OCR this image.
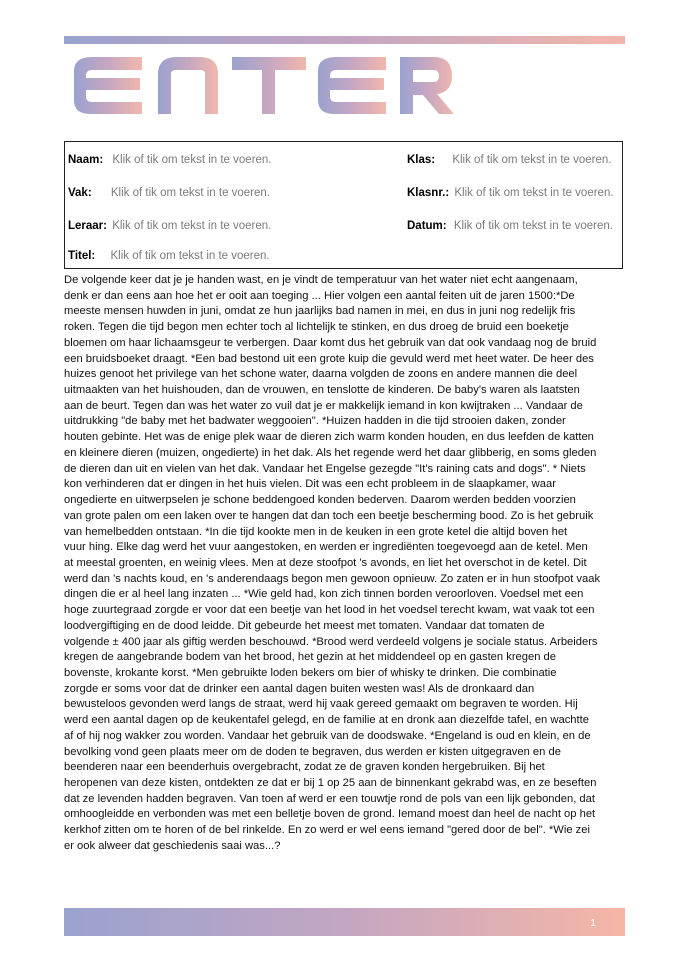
Naam: Klik of tik om tekst in te voeren.	Klas: Klik of tik om tekst in te voeren.
Vak: Klik of tik om tekst in te voeren.	Klasnr.: Klik of tik om tekst in te voeren.
Leraar: Klik of tik om tekst in te voeren.	Datum: Klik of tik om tekst in te voeren.
Titel: Klik of tik om tekst in te voeren.

De volgende keer dat je je handen wast, en je vindt de temperatuur van het water niet echt aangenaam,
denk er dan eens aan hoe het er ooit aan toeging ... Hier volgen een aantal feiten uit de jaren 1500:*De
meeste mensen huwden in juni, omdat ze hun jaarlijks bad namen in mei, en dus in juni nog redelijk fris
roken. Tegen die tijd begon men echter toch al lichtelijk te stinken, en dus droeg de bruid een boeketje
bloemen om haar lichaamsgeur te verbergen. Daar komt dus het gebruik van dat ook vandaag nog de bruid
een bruidsboeket draagt. *Een bad bestond uit een grote kuip die gevuld werd met heet water. De heer des
huizes genoot het privilege van het schone water, daarna volgden de zoons en andere mannen die deel
uitmaakten van het huishouden, dan de vrouwen, en tenslotte de kinderen. De baby's waren als laatsten
aan de beurt. Tegen dan was het water zo vuil dat je er makkelijk iemand in kon kwijtraken ... Vandaar de
uitdrukking "de baby met het badwater weggooien". *Huizen hadden in die tijd strooien daken, zonder
houten gebinte. Het was de enige plek waar de dieren zich warm konden houden, en dus leefden de katten
en kleinere dieren (muizen, ongedierte) in het dak. Als het regende werd het daar glibberig, en soms gleden
de dieren dan uit en vielen van het dak. Vandaar het Engelse gezegde "It's raining cats and dogs". * Niets
kon verhinderen dat er dingen in het huis vielen. Dit was een echt probleem in de slaapkamer, waar
ongedierte en uitwerpselen je schone beddengoed konden bederven. Daarom werden bedden voorzien
van grote palen om een laken over te hangen dat dan toch een beetje bescherming bood. Zo is het gebruik
van hemelbedden ontstaan. *In die tijd kookte men in de keuken in een grote ketel die altijd boven het
vuur hing. Elke dag werd het vuur aangestoken, en werden er ingrediënten toegevoegd aan de ketel. Men
at meestal groenten, en weinig vlees. Men at deze stoofpot 's avonds, en liet het overschot in de ketel. Dit
werd dan 's nachts koud, en 's anderendaags begon men gewoon opnieuw. Zo zaten er in hun stoofpot vaak
dingen die er al heel lang inzaten ... *Wie geld had, kon zich tinnen borden veroorloven. Voedsel met een
hoge zuurtegraad zorgde er voor dat een beetje van het lood in het voedsel terecht kwam, wat vaak tot een
loodvergiftiging en de dood leidde. Dit gebeurde het meest met tomaten. Vandaar dat tomaten de
volgende ± 400 jaar als giftig werden beschouwd. *Brood werd verdeeld volgens je sociale status. Arbeiders
kregen de aangebrande bodem van het brood, het gezin at het middendeel op en gasten kregen de
bovenste, krokante korst. *Men gebruikte loden bekers om bier of whisky te drinken. Die combinatie
zorgde er soms voor dat de drinker een aantal dagen buiten westen was! Als de dronkaard dan
bewusteloos gevonden werd langs de straat, werd hij vaak gereed gemaakt om begraven te worden. Hij
werd een aantal dagen op de keukentafel gelegd, en de familie at en dronk aan diezelfde tafel, en wachtte
af of hij nog wakker zou worden. Vandaar het gebruik van de doodswake. *Engeland is oud en klein, en de
bevolking vond geen plaats meer om de doden te begraven, dus werden er kisten uitgegraven en de
beenderen naar een beenderhuis overgebracht, zodat ze de graven konden hergebruiken. Bij het
heropenen van deze kisten, ontdekten ze dat er bij 1 op 25 aan de binnenkant gekrabd was, en ze beseften
dat ze levenden hadden begraven. Van toen af werd er een touwtje rond de pols van een lijk gebonden, dat
omhoogleidde en verbonden was met een belletje boven de grond. Iemand moest dan heel de nacht op het
kerkhof zitten om te horen of de bel rinkelde. En zo werd er wel eens iemand "gered door de bel". *Wie zei
er ook alweer dat geschiedenis saai was...?

1
